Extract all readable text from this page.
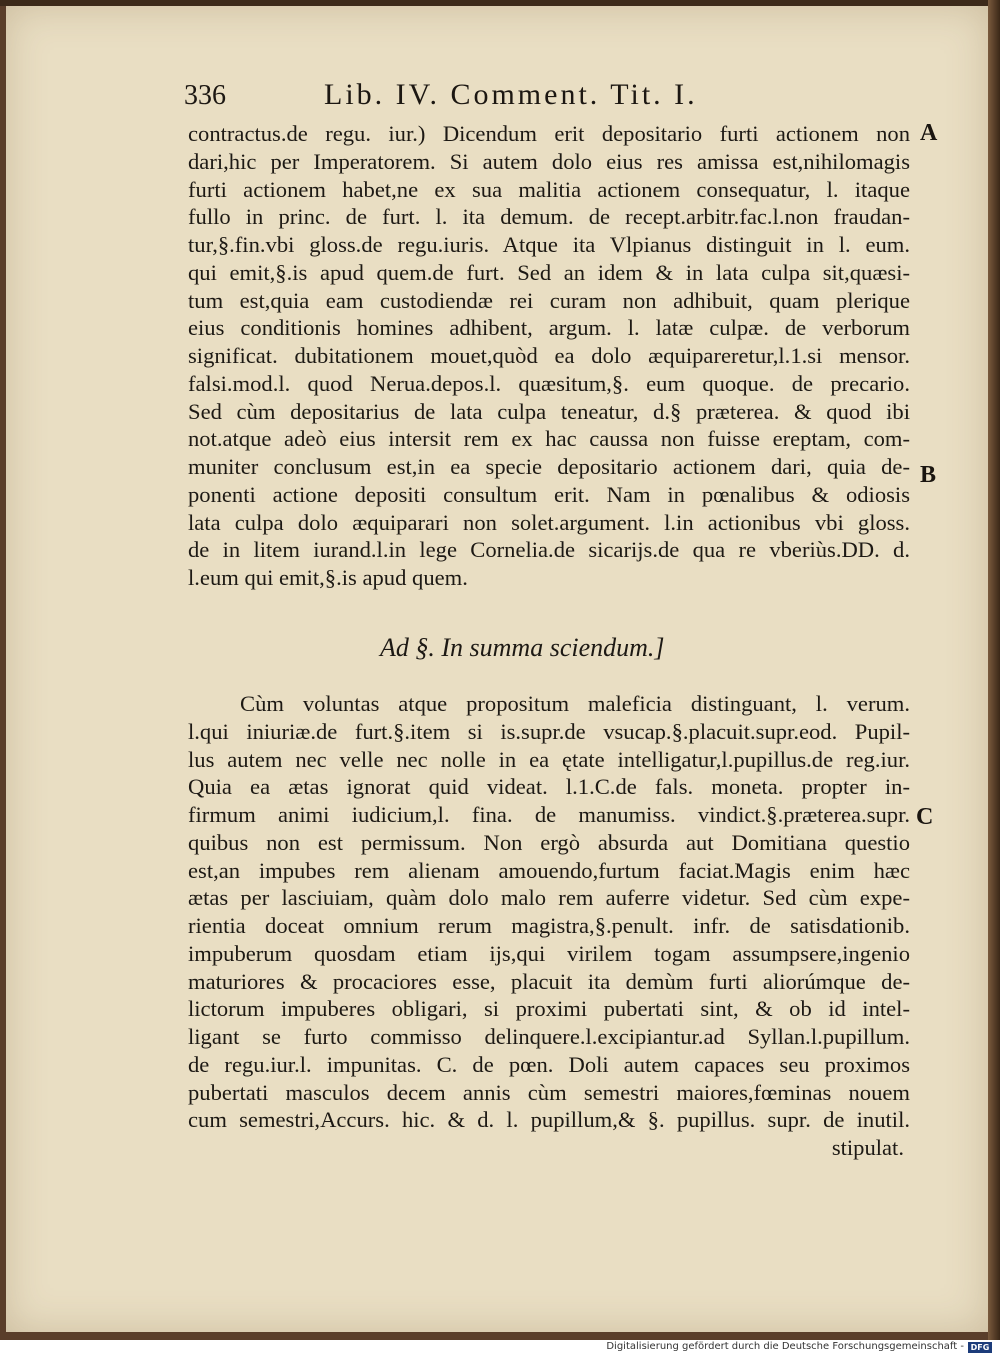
336	Lib. IV. Comment. Tit. I.
A
B
C
contractus.de regu. iur.) Dicendum erit depositario furti actionem non
dari,hic per Imperatorem. Si autem dolo eius res amissa est,nihilomagis
furti actionem habet,ne ex sua malitia actionem consequatur, l. itaque
fullo in princ. de furt. l. ita demum. de recept.arbitr.fac.l.non fraudan-
tur,§.fin.vbi gloss.de regu.iuris. Atque ita Vlpianus distinguit in l. eum.
qui emit,§.is apud quem.de furt. Sed an idem & in lata culpa sit,quæsi-
tum est,quia eam custodiendæ rei curam non adhibuit, quam plerique
eius conditionis homines adhibent, argum. l. latæ culpæ. de verborum
significat. dubitationem mouet,quòd ea dolo æquipareretur,l.1.si mensor.
falsi.mod.l. quod Nerua.depos.l. quæsitum,§. eum quoque. de precario.
Sed cùm depositarius de lata culpa teneatur, d.§ præterea. & quod ibi
not.atque adeò eius intersit rem ex hac caussa non fuisse ereptam, com-
muniter conclusum est,in ea specie depositario actionem dari, quia de-
ponenti actione depositi consultum erit. Nam in pœnalibus & odiosis
lata culpa dolo æquiparari non solet.argument. l.in actionibus vbi gloss.
de in litem iurand.l.in lege Cornelia.de sicarijs.de qua re vberiùs.DD. d.
l.eum qui emit,§.is apud quem.
Ad §. In summa sciendum.]
Cùm voluntas atque propositum maleficia distinguant, l. verum.
l.qui iniuriæ.de furt.§.item si is.supr.de vsucap.§.placuit.supr.eod. Pupil-
lus autem nec velle nec nolle in ea ętate intelligatur,l.pupillus.de reg.iur.
Quia ea ætas ignorat quid videat. l.1.C.de fals. moneta. propter in-
firmum animi iudicium,l. fina. de manumiss. vindict.§.præterea.supr.
quibus non est permissum. Non ergò absurda aut Domitiana questio
est,an impubes rem alienam amouendo,furtum faciat.Magis enim hæc
ætas per lasciuiam, quàm dolo malo rem auferre videtur. Sed cùm expe-
rientia doceat omnium rerum magistra,§.penult. infr. de satisdationib.
impuberum quosdam etiam ijs,qui virilem togam assumpsere,ingenio
maturiores & procaciores esse, placuit ita demùm furti aliorúmque de-
lictorum impuberes obligari, si proximi pubertati sint, & ob id intel-
ligant se furto commisso delinquere.l.excipiantur.ad Syllan.l.pupillum.
de regu.iur.l. impunitas. C. de pœn. Doli autem capaces seu proximos
pubertati masculos decem annis cùm semestri maiores,fœminas nouem
cum semestri,Accurs. hic. & d. l. pupillum,& §. pupillus. supr. de inutil.
stipulat.
Digitalisierung gefördert durch die Deutsche Forschungsgemeinschaft - DFG
